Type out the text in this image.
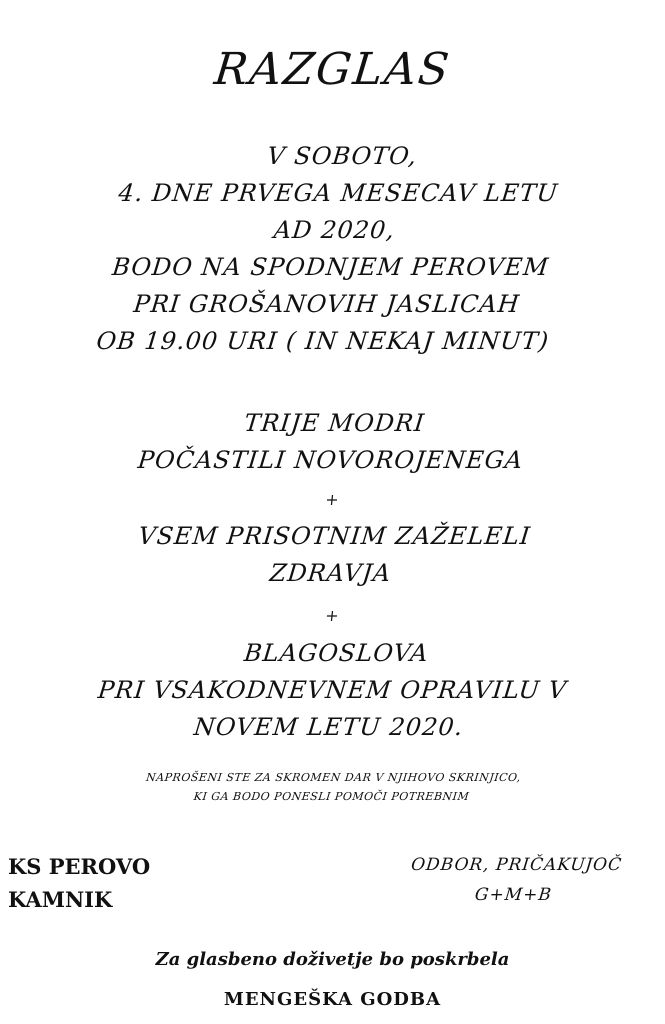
RAZGLAS
V SOBOTO,
4. DNE PRVEGA MESECAV LETU
AD 2020,
BODO NA SPODNJEM PEROVEM
PRI GROŠANOVIH JASLICAH
OB 19.00 URI ( IN NEKAJ MINUT)
TRIJE MODRI
POČASTILI NOVOROJENEGA
+
VSEM PRISOTNIM ZAŽELELI
ZDRAVJA
+
BLAGOSLOVA
PRI VSAKODNEVNEM OPRAVILU V
NOVEM LETU 2020.
NAPROŠENI STE ZA SKROMEN DAR V NJIHOVO SKRINJICO,
KI GA BODO PONESLI POMOČI POTREBNIM
KS PEROVO
KAMNIK
ODBOR, PRIČAKUJOČ
G+M+B
Za glasbeno doživetje bo poskrbela
MENGEŠKA GODBA
